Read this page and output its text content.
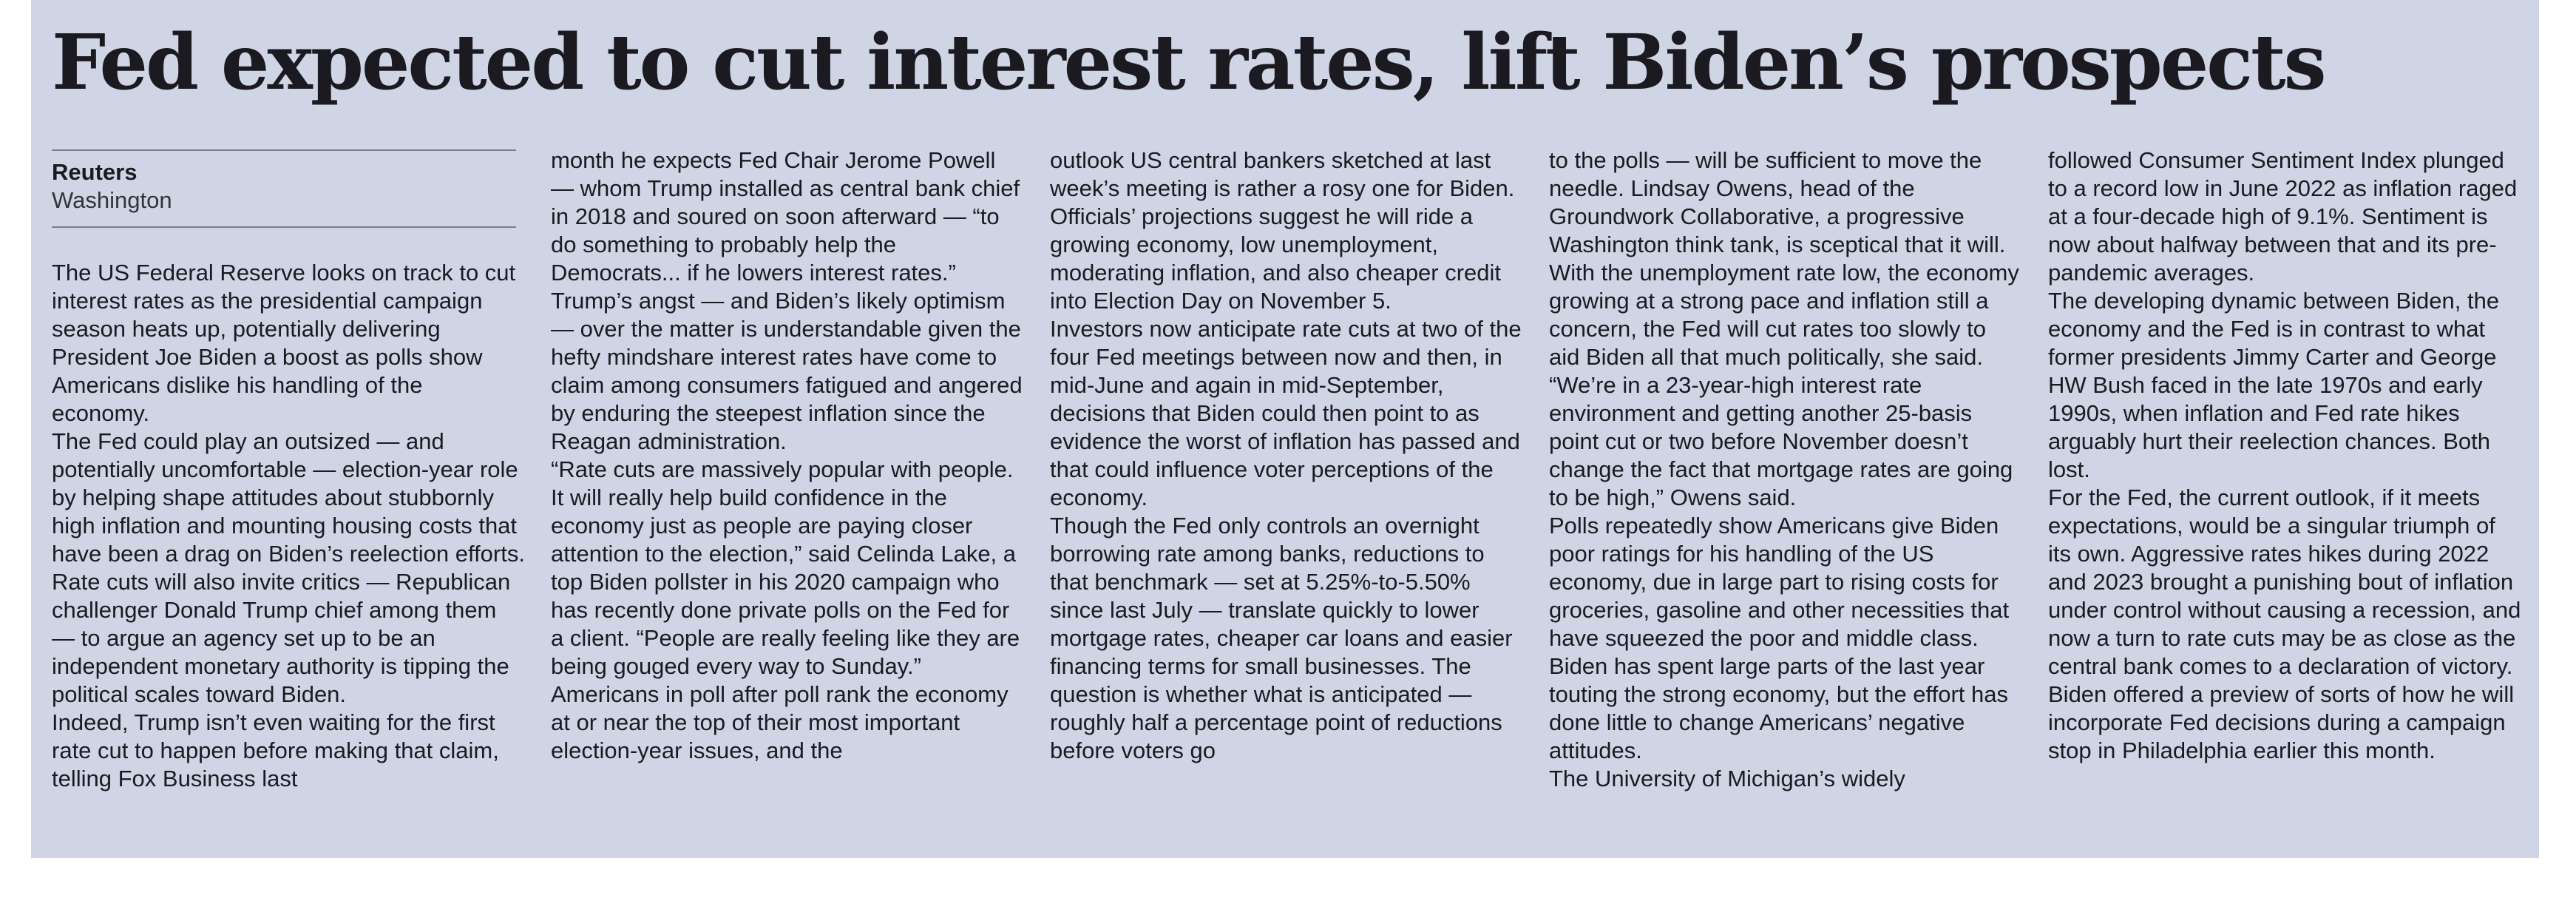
Fed expected to cut interest rates, lift Biden’s prospects
Reuters
Washington

The US Federal Reserve looks on track to cut interest rates as the presidential campaign season heats up, potentially delivering President Joe Biden a boost as polls show Americans dislike his handling of the economy.

The Fed could play an outsized — and potentially uncomfortable — election-year role by helping shape attitudes about stubbornly high inflation and mounting housing costs that have been a drag on Biden’s reelection efforts. Rate cuts will also invite critics — Republican challenger Donald Trump chief among them — to argue an agency set up to be an independent monetary authority is tipping the political scales toward Biden.

Indeed, Trump isn’t even waiting for the first rate cut to happen before making that claim, telling Fox Business last

month he expects Fed Chair Jerome Powell — whom Trump installed as central bank chief in 2018 and soured on soon afterward — “to do something to probably help the Democrats... if he lowers interest rates.” Trump’s angst — and Biden’s likely optimism — over the matter is understandable given the hefty mindshare interest rates have come to claim among consumers fatigued and angered by enduring the steepest inflation since the Reagan administration.

“Rate cuts are massively popular with people. It will really help build confidence in the economy just as people are paying closer attention to the election,” said Celinda Lake, a top Biden pollster in his 2020 campaign who has recently done private polls on the Fed for a client. “People are really feeling like they are being gouged every way to Sunday.”

Americans in poll after poll rank the economy at or near the top of their most important election-year issues, and the

outlook US central bankers sketched at last week’s meeting is rather a rosy one for Biden. Officials’ projections suggest he will ride a growing economy, low unemployment, moderating inflation, and also cheaper credit into Election Day on November 5.

Investors now anticipate rate cuts at two of the four Fed meetings between now and then, in mid-June and again in mid-September, decisions that Biden could then point to as evidence the worst of inflation has passed and that could influence voter perceptions of the economy.

Though the Fed only controls an overnight borrowing rate among banks, reductions to that benchmark — set at 5.25%-to-5.50% since last July — translate quickly to lower mortgage rates, cheaper car loans and easier financing terms for small businesses. The question is whether what is anticipated — roughly half a percentage point of reductions before voters go

to the polls — will be sufficient to move the needle. Lindsay Owens, head of the Groundwork Collaborative, a progressive Washington think tank, is sceptical that it will. With the unemployment rate low, the economy growing at a strong pace and inflation still a concern, the Fed will cut rates too slowly to aid Biden all that much politically, she said.

“We’re in a 23-year-high interest rate environment and getting another 25-basis point cut or two before November doesn’t change the fact that mortgage rates are going to be high,” Owens said.

Polls repeatedly show Americans give Biden poor ratings for his handling of the US economy, due in large part to rising costs for groceries, gasoline and other necessities that have squeezed the poor and middle class. Biden has spent large parts of the last year touting the strong economy, but the effort has done little to change Americans’ negative attitudes.

The University of Michigan’s widely

followed Consumer Sentiment Index plunged to a record low in June 2022 as inflation raged at a four-decade high of 9.1%. Sentiment is now about halfway between that and its pre-pandemic averages.

The developing dynamic between Biden, the economy and the Fed is in contrast to what former presidents Jimmy Carter and George HW Bush faced in the late 1970s and early 1990s, when inflation and Fed rate hikes arguably hurt their reelection chances. Both lost.

For the Fed, the current outlook, if it meets expectations, would be a singular triumph of its own. Aggressive rates hikes during 2022 and 2023 brought a punishing bout of inflation under control without causing a recession, and now a turn to rate cuts may be as close as the central bank comes to a declaration of victory. Biden offered a preview of sorts of how he will incorporate Fed decisions during a campaign stop in Philadelphia earlier this month.
